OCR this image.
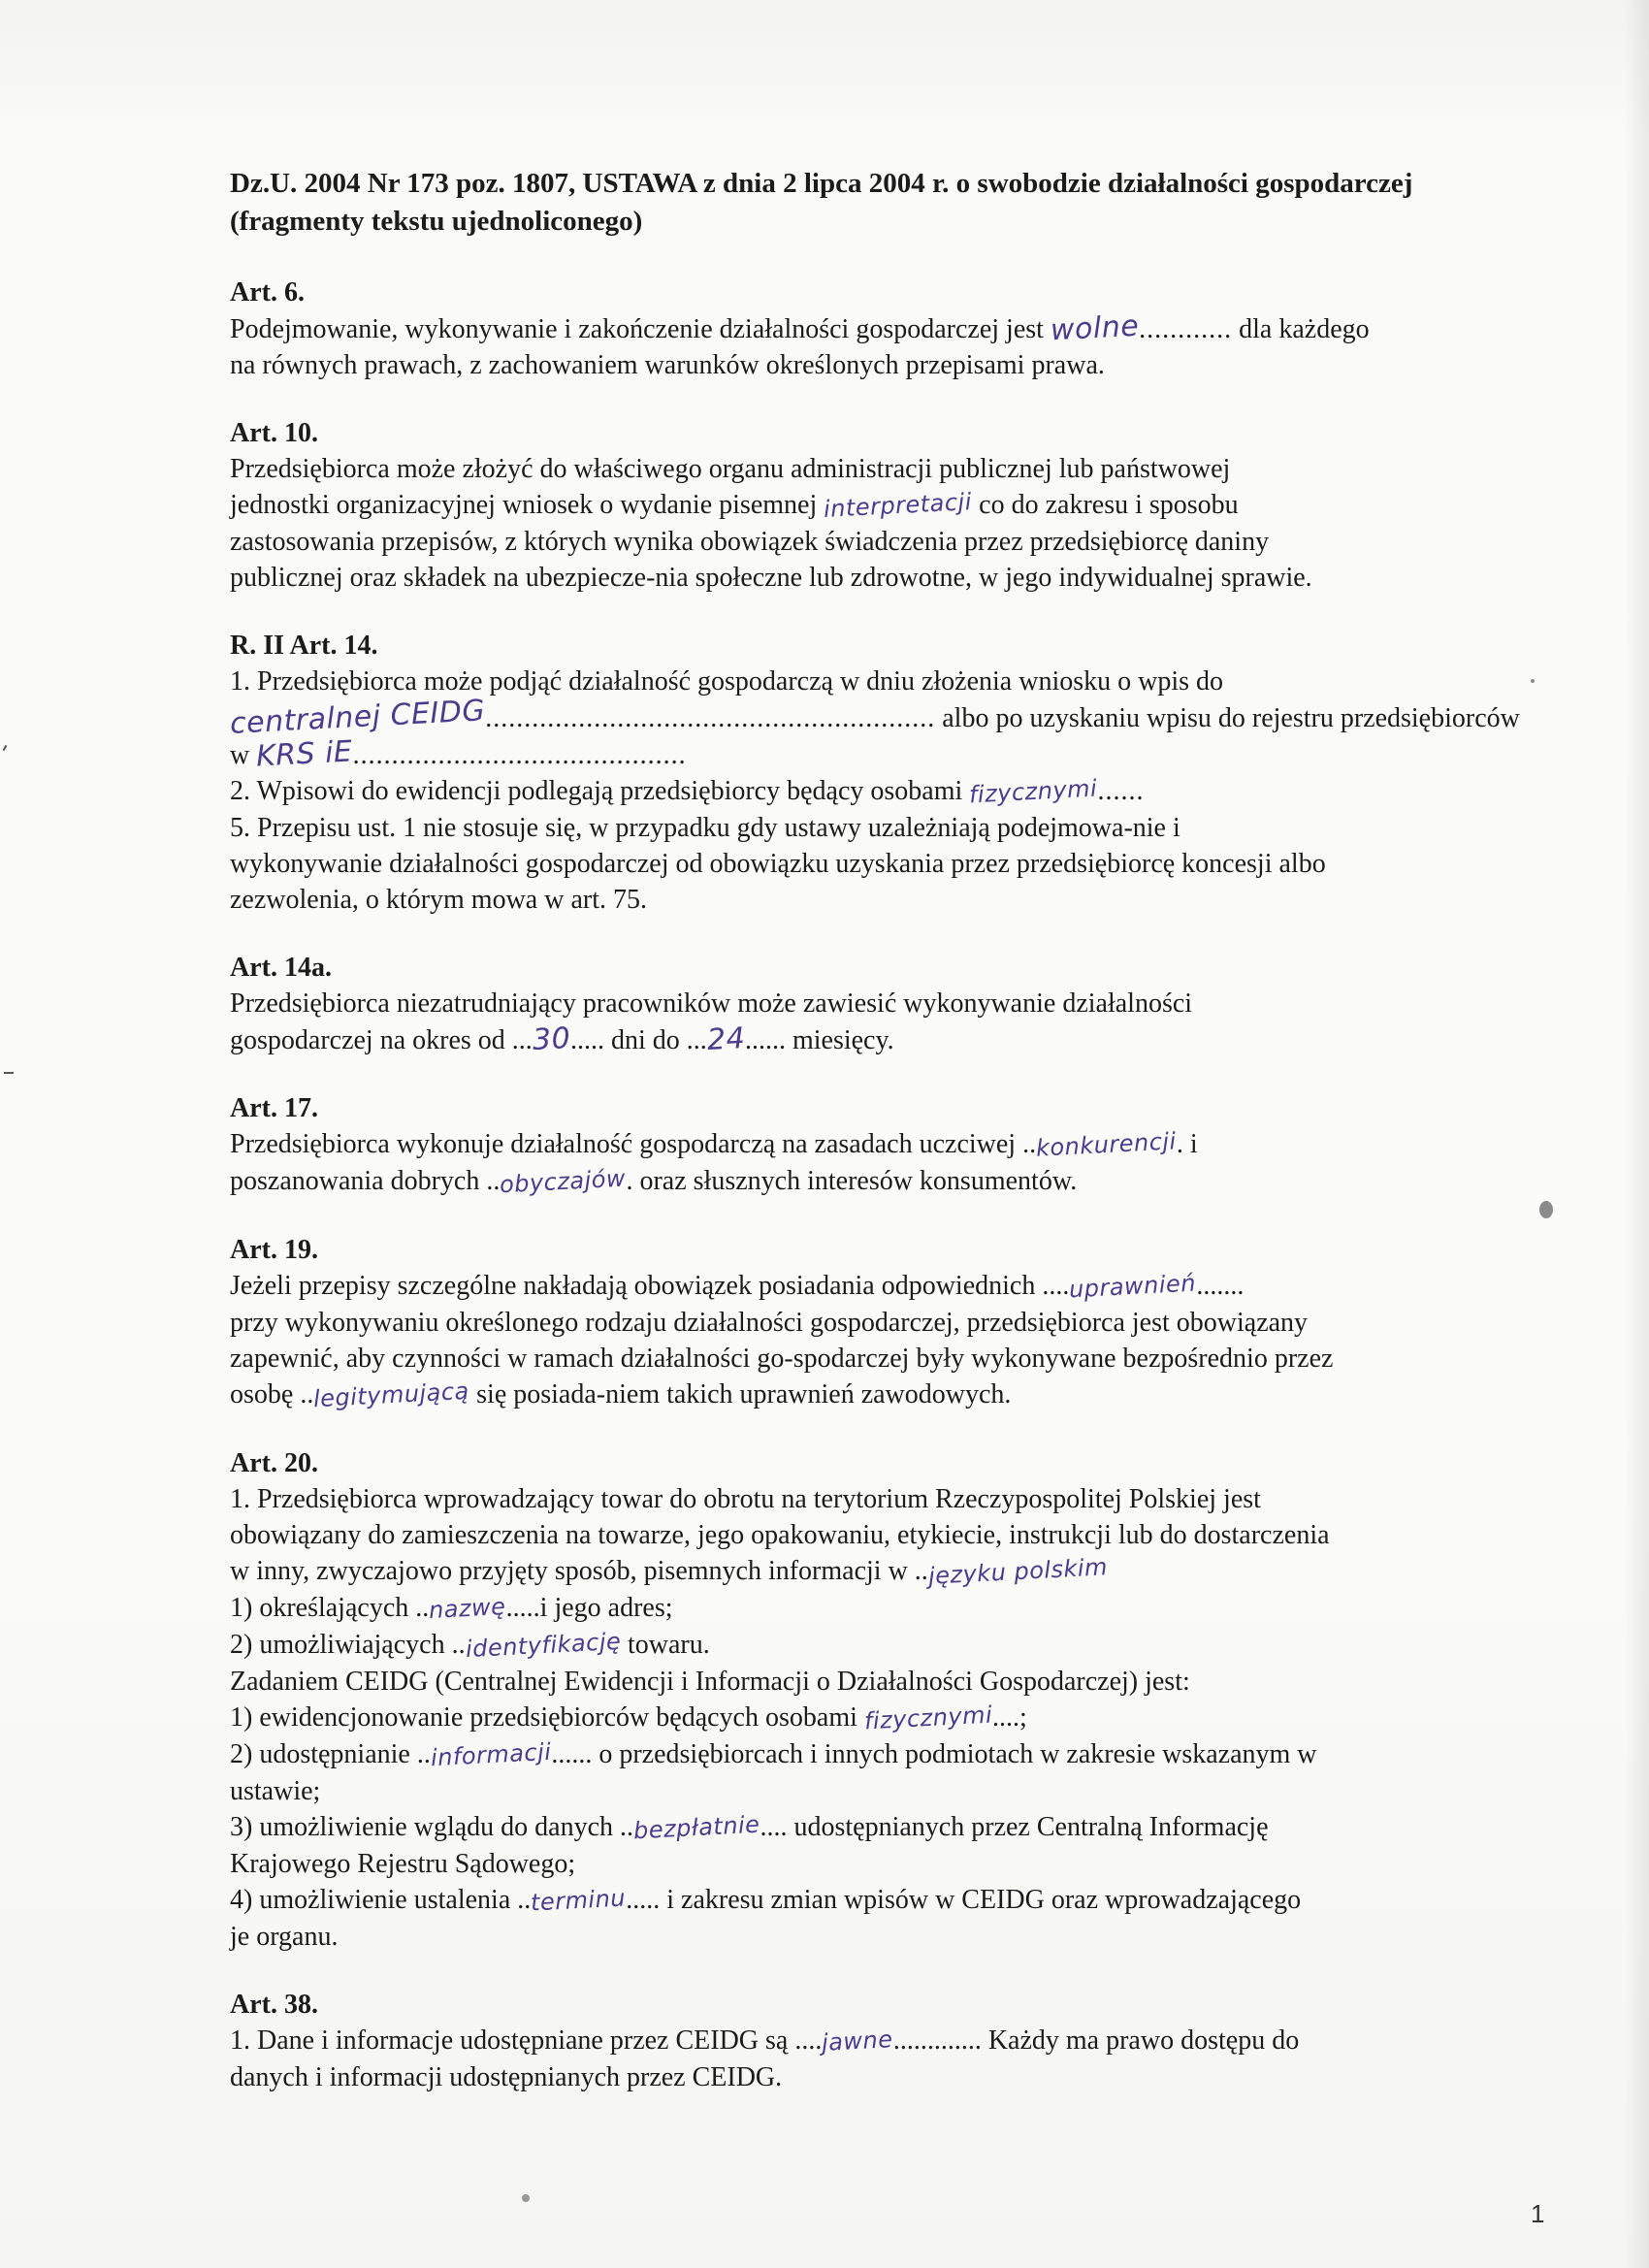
Dz.U. 2004 Nr 173 poz. 1807, USTAWA z dnia 2 lipca 2004 r. o swobodzie działalności gospodarczej (fragmenty tekstu ujednoliconego)
Art. 6.
Podejmowanie, wykonywanie i zakończenie działalności gospodarczej jest wolne............ dla każdego
na równych prawach, z zachowaniem warunków określonych przepisami prawa.
Art. 10.
Przedsiębiorca może złożyć do właściwego organu administracji publicznej lub państwowej
jednostki organizacyjnej wniosek o wydanie pisemnej interpretacji co do zakresu i sposobu
zastosowania przepisów, z których wynika obowiązek świadczenia przez przedsiębiorcę daniny
publicznej oraz składek na ubezpiecze-nia społeczne lub zdrowotne, w jego indywidualnej sprawie.
R. II Art. 14.
1. Przedsiębiorca może podjąć działalność gospodarczą w dniu złożenia wniosku o wpis do
centralnej CEIDG.......................................................... albo po uzyskaniu wpisu do rejestru przedsiębiorców
w KRS iE...........................................
2. Wpisowi do ewidencji podlegają przedsiębiorcy będący osobami fizycznymi......
5. Przepisu ust. 1 nie stosuje się, w przypadku gdy ustawy uzależniają podejmowa-nie i
wykonywanie działalności gospodarczej od obowiązku uzyskania przez przedsiębiorcę koncesji albo
zezwolenia, o którym mowa w art. 75.
Art. 14a.
Przedsiębiorca niezatrudniający pracowników może zawiesić wykonywanie działalności
gospodarczej na okres od ...30..... dni do ...24...... miesięcy.
Art. 17.
Przedsiębiorca wykonuje działalność gospodarczą na zasadach uczciwej ..konkurencji. i
poszanowania dobrych ..obyczajów. oraz słusznych interesów konsumentów.
Art. 19.
Jeżeli przepisy szczególne nakładają obowiązek posiadania odpowiednich ....uprawnień.......
przy wykonywaniu określonego rodzaju działalności gospodarczej, przedsiębiorca jest obowiązany
zapewnić, aby czynności w ramach działalności go-spodarczej były wykonywane bezpośrednio przez
osobę ..legitymującą się posiada-niem takich uprawnień zawodowych.
Art. 20.
1. Przedsiębiorca wprowadzający towar do obrotu na terytorium Rzeczypospolitej Polskiej jest
obowiązany do zamieszczenia na towarze, jego opakowaniu, etykiecie, instrukcji lub do dostarczenia
w inny, zwyczajowo przyjęty sposób, pisemnych informacji w ..języku polskim
1) określających ..nazwę.....i jego adres;
2) umożliwiających ..identyfikację towaru.
Zadaniem CEIDG (Centralnej Ewidencji i Informacji o Działalności Gospodarczej) jest:
1) ewidencjonowanie przedsiębiorców będących osobami fizycznymi....;
2) udostępnianie ..informacji...... o przedsiębiorcach i innych podmiotach w zakresie wskazanym w
ustawie;
3) umożliwienie wglądu do danych ..bezpłatnie.... udostępnianych przez Centralną Informację
Krajowego Rejestru Sądowego;
4) umożliwienie ustalenia ..terminu..... i zakresu zmian wpisów w CEIDG oraz wprowadzającego
je organu.
Art. 38.
1. Dane i informacje udostępniane przez CEIDG są ....jawne............. Każdy ma prawo dostępu do
danych i informacji udostępnianych przez CEIDG.
1
